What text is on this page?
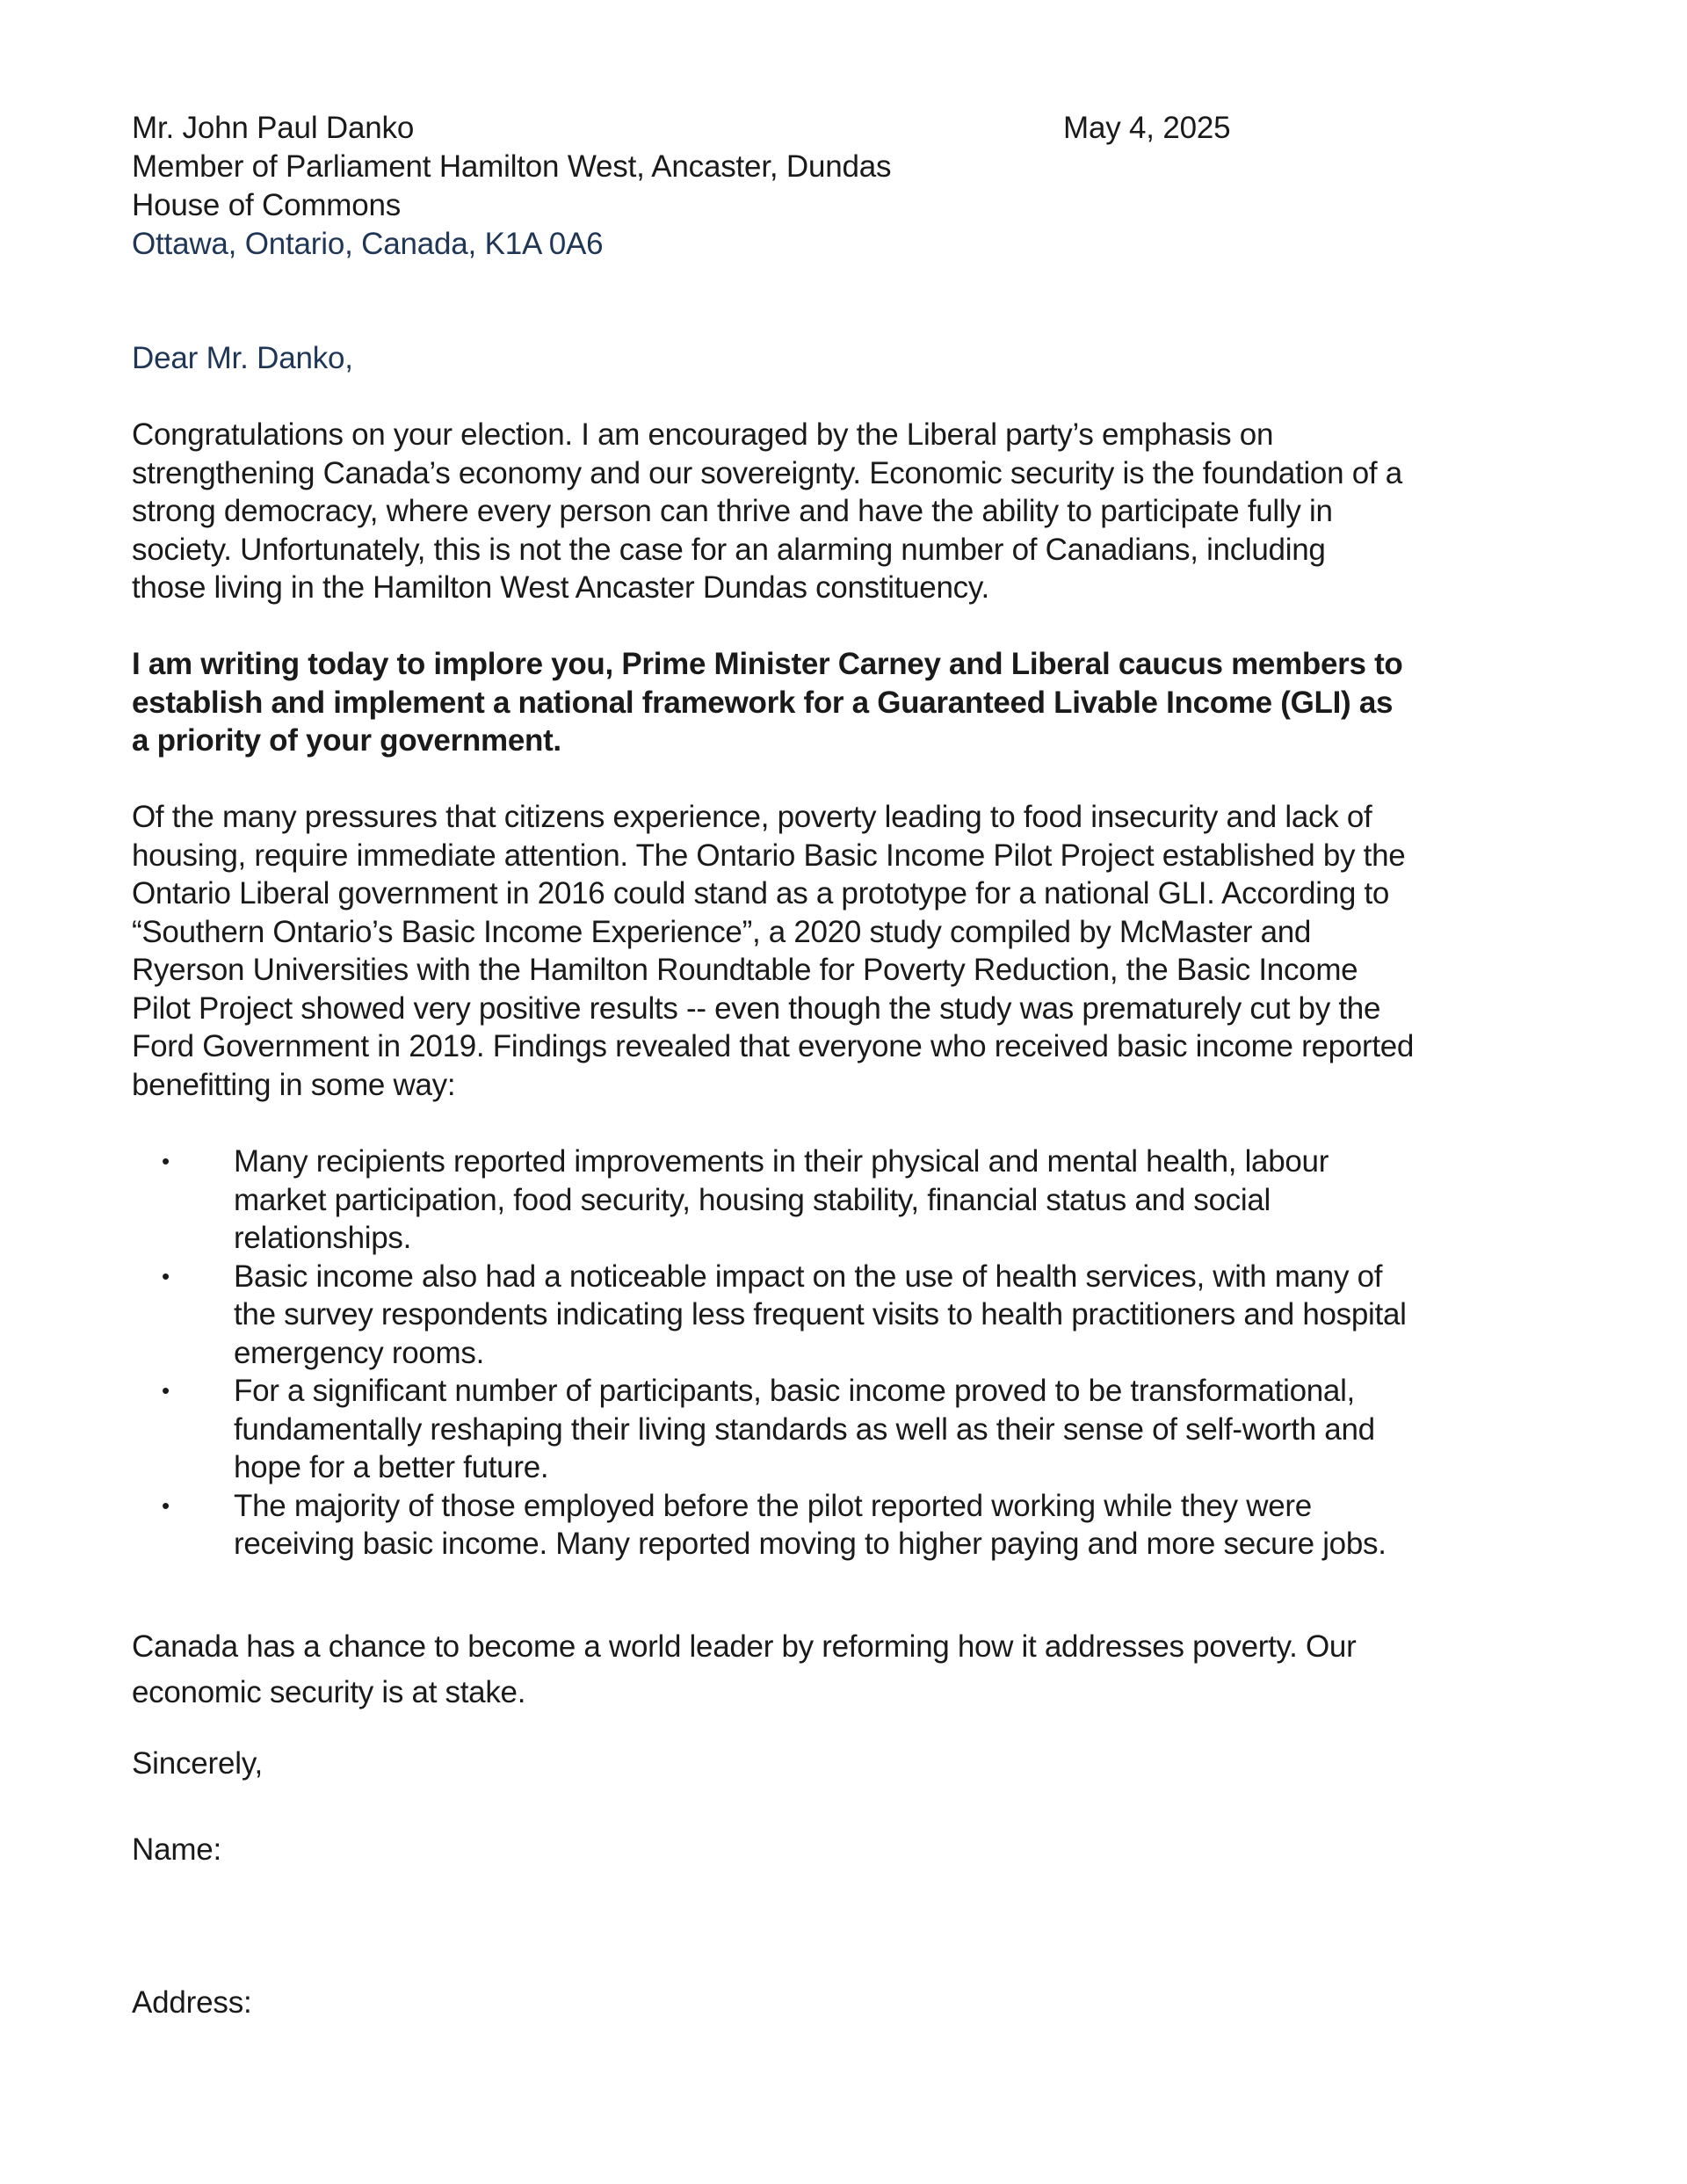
Mr. John Paul Danko	May 4, 2025
Member of Parliament Hamilton West, Ancaster, Dundas
House of Commons
Ottawa, Ontario, Canada, K1A 0A6
Dear Mr. Danko,
Congratulations on your election. I am encouraged by the Liberal party’s emphasis on
strengthening Canada’s economy and our sovereignty. Economic security is the foundation of a
strong democracy, where every person can thrive and have the ability to participate fully in
society. Unfortunately, this is not the case for an alarming number of Canadians, including
those living in the Hamilton West Ancaster Dundas constituency.
I am writing today to implore you, Prime Minister Carney and Liberal caucus members to
establish and implement a national framework for a Guaranteed Livable Income (GLI) as
a priority of your government.
Of the many pressures that citizens experience, poverty leading to food insecurity and lack of
housing, require immediate attention. The Ontario Basic Income Pilot Project established by the
Ontario Liberal government in 2016 could stand as a prototype for a national GLI. According to
“Southern Ontario’s Basic Income Experience”, a 2020 study compiled by McMaster and
Ryerson Universities with the Hamilton Roundtable for Poverty Reduction, the Basic Income
Pilot Project showed very positive results -- even though the study was prematurely cut by the
Ford Government in 2019. Findings revealed that everyone who received basic income reported
benefitting in some way:
• Many recipients reported improvements in their physical and mental health, labour
market participation, food security, housing stability, financial status and social
relationships.
• Basic income also had a noticeable impact on the use of health services, with many of
the survey respondents indicating less frequent visits to health practitioners and hospital
emergency rooms.
• For a significant number of participants, basic income proved to be transformational,
fundamentally reshaping their living standards as well as their sense of self-worth and
hope for a better future.
• The majority of those employed before the pilot reported working while they were
receiving basic income. Many reported moving to higher paying and more secure jobs.
Canada has a chance to become a world leader by reforming how it addresses poverty. Our
economic security is at stake.
Sincerely,
Name:
Address:
